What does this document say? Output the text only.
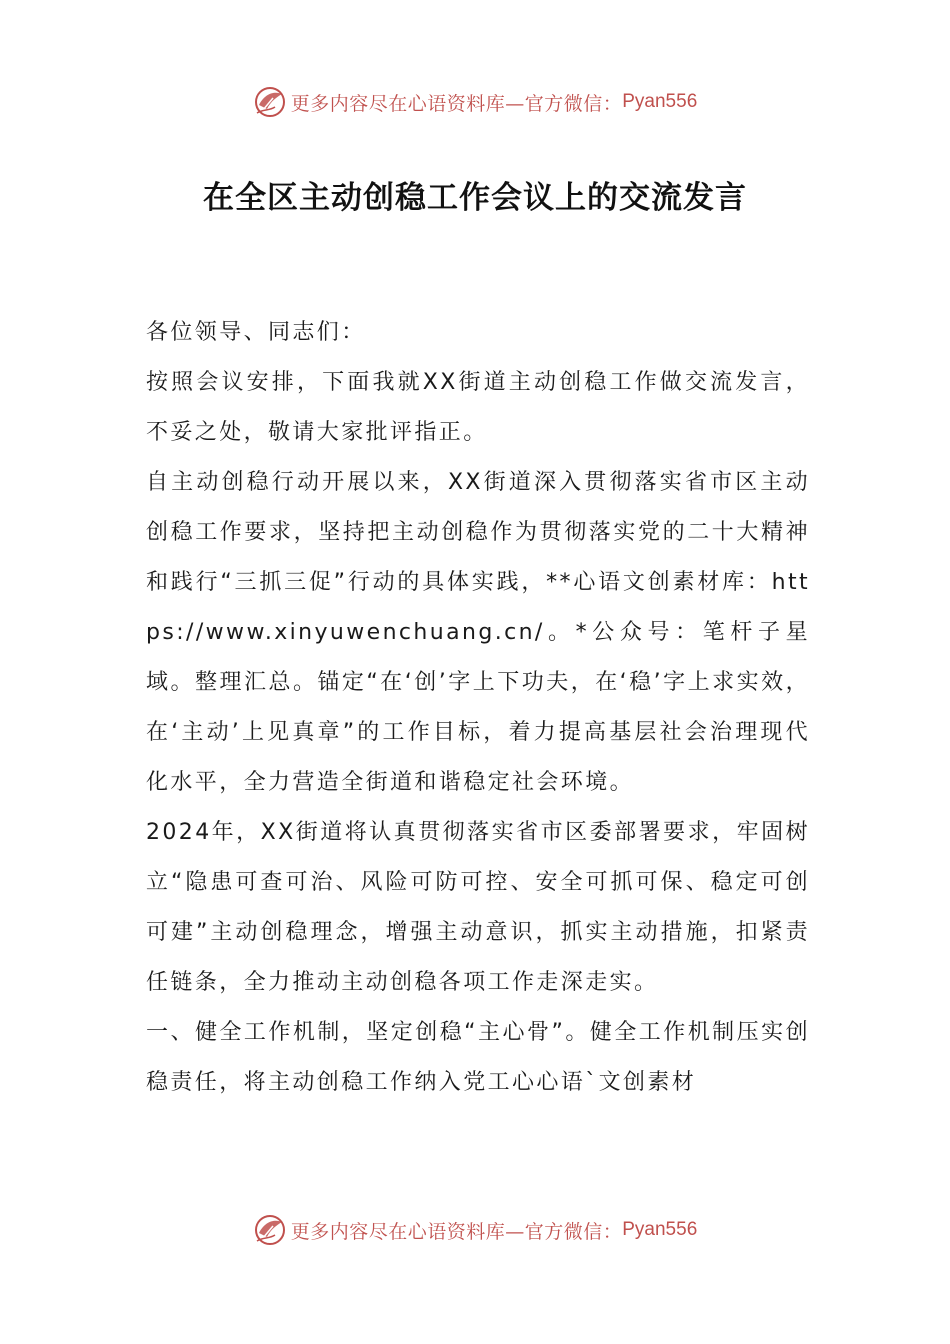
更多内容尽在心语资料库—官方微信： Pyan556
在全区主动创稳工作会议上的交流发言

各位领导、同志们：

按照会议安排，下面我就XX街道主动创稳工作做交流发言，不妥之处，敬请大家批评指正。

自主动创稳行动开展以来，XX街道深入贯彻落实省市区主动创稳工作要求，坚持把主动创稳作为贯彻落实党的二十大精神和践行“三抓三促”行动的具体实践，**心语文创素材库：https://www.xinyuwenchuang.cn/。*公众号：笔杆子星域。整理汇总。锚定“在‘创’字上下功夫，在‘稳’字上求实效，在‘主动’上见真章”的工作目标，着力提高基层社会治理现代化水平，全力营造全街道和谐稳定社会环境。

2024年，XX街道将认真贯彻落实省市区委部署要求，牢固树立“隐患可查可治、风险可防可控、安全可抓可保、稳定可创可建”主动创稳理念，增强主动意识，抓实主动措施，扣紧责任链条，全力推动主动创稳各项工作走深走实。

一、健全工作机制，坚定创稳“主心骨”。健全工作机制压实创稳责任，将主动创稳工作纳入党工心心语`文创素材

更多内容尽在心语资料库—官方微信： Pyan556
